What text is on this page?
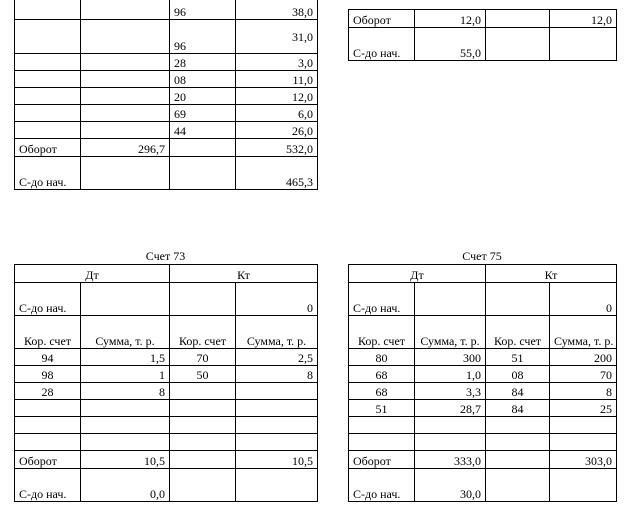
		96	38,0
		96	31,0
		28	3,0
		08	11,0
		20	12,0
		69	6,0
		44	26,0
Оборот	296,7		532,0
С-до нач.			465,3
Оборот	12,0		12,0
С-до нач.	55,0		
Счет 73
Дт		Кт	
С-до нач.			0
Кор. счет	Сумма, т. р.	Кор. счет	Сумма, т. р.
94	1,5	70	2,5
98	1	50	8
28	8		

Оборот	10,5		10,5
С-до нач.	0,0		
Счет 75
Дт		Кт	
С-до нач.			0
Кор. счет	Сумма, т. р.	Кор. счет	Сумма, т. р.
80	300	51	200
68	1,0	08	70
68	3,3	84	8
51	28,7	84	25

Оборот	333,0		303,0
С-до нач.	30,0		
